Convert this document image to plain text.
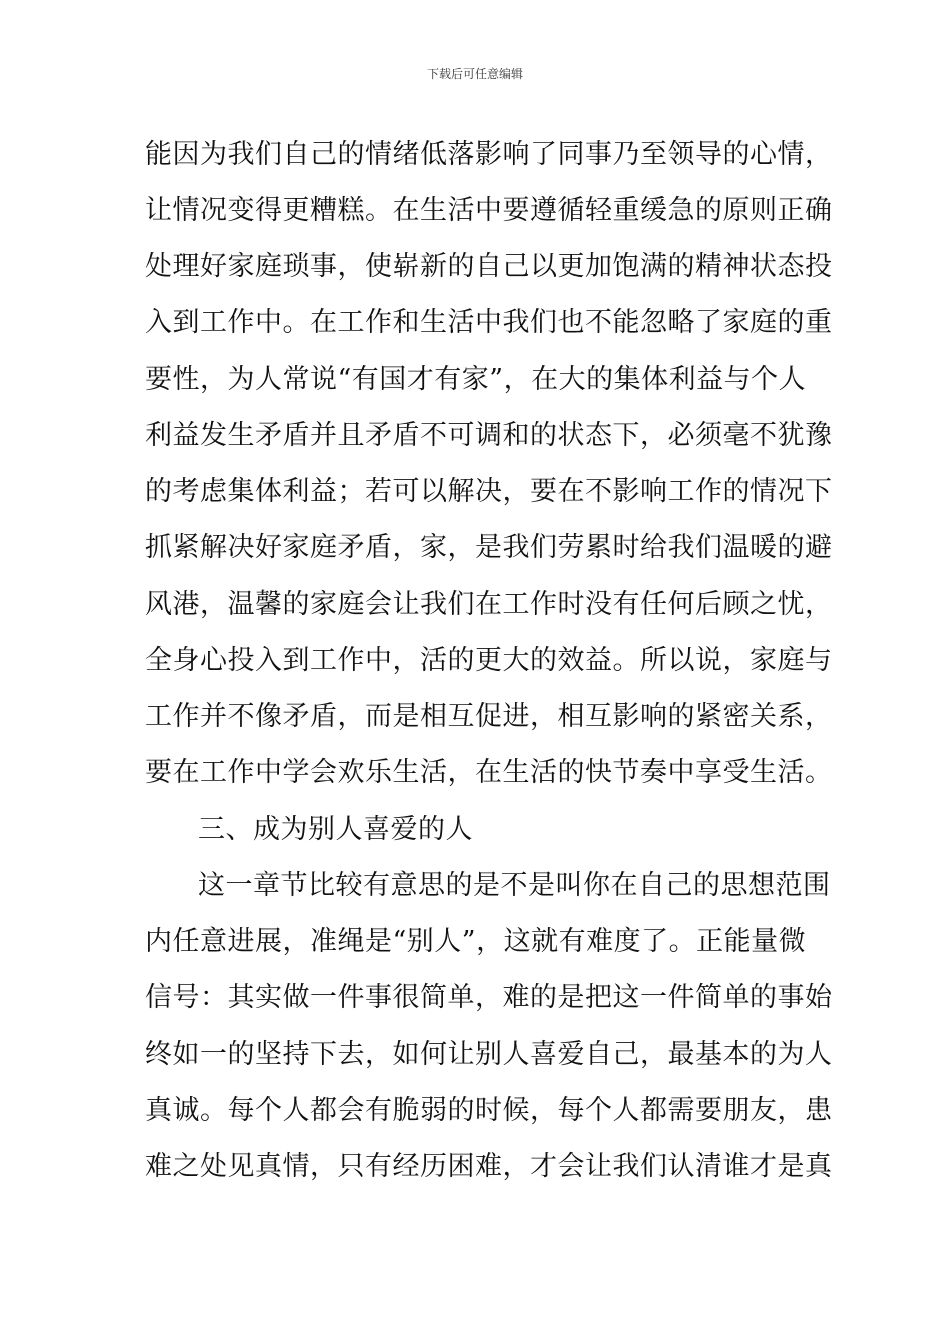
下载后可任意编辑
能因为我们自己的情绪低落影响了同事乃至领导的心情，
让情况变得更糟糕。在生活中要遵循轻重缓急的原则正确
处理好家庭琐事，使崭新的自己以更加饱满的精神状态投
入到工作中。在工作和生活中我们也不能忽略了家庭的重
要性，为人常说“有国才有家”，在大的集体利益与个人
利益发生矛盾并且矛盾不可调和的状态下，必须毫不犹豫
的考虑集体利益；若可以解决，要在不影响工作的情况下
抓紧解决好家庭矛盾，家，是我们劳累时给我们温暖的避
风港，温馨的家庭会让我们在工作时没有任何后顾之忧，
全身心投入到工作中，活的更大的效益。所以说，家庭与
工作并不像矛盾，而是相互促进，相互影响的紧密关系，
要在工作中学会欢乐生活，在生活的快节奏中享受生活。
三、成为别人喜爱的人
这一章节比较有意思的是不是叫你在自己的思想范围
内任意进展，准绳是“别人”，这就有难度了。正能量微
信号：其实做一件事很简单，难的是把这一件简单的事始
终如一的坚持下去，如何让别人喜爱自己，最基本的为人
真诚。每个人都会有脆弱的时候，每个人都需要朋友，患
难之处见真情，只有经历困难，才会让我们认清谁才是真
